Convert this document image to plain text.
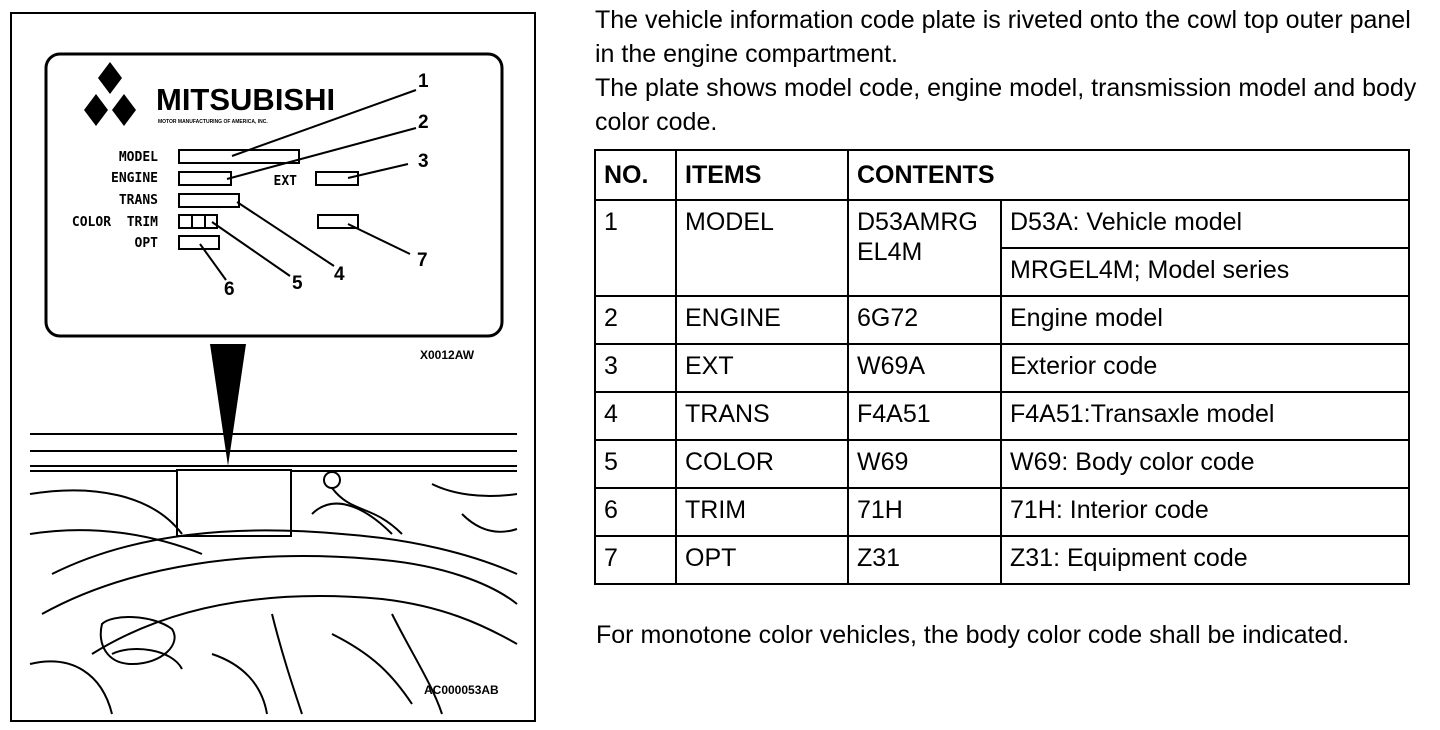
MITSUBISHI
MOTOR MANUFACTURING OF AMERICA, INC.
MODEL
ENGINE	EXT
TRANS
COLOR  TRIM
OPT
1
2
3
4
5
6
7
X0012AW
AC000053AB

The vehicle information code plate is riveted onto the cowl top outer panel in the engine compartment.

The plate shows model code, engine model, transmission model and body color code.

NO.	ITEMS	CONTENTS	
1	MODEL	D53AMRG EL4M	D53A: Vehicle model
			MRGEL4M; Model series
2	ENGINE	6G72	Engine model
3	EXT	W69A	Exterior code
4	TRANS	F4A51	F4A51:Transaxle model
5	COLOR	W69	W69: Body color code
6	TRIM	71H	71H: Interior code
7	OPT	Z31	Z31: Equipment code

For monotone color vehicles, the body color code shall be indicated.
